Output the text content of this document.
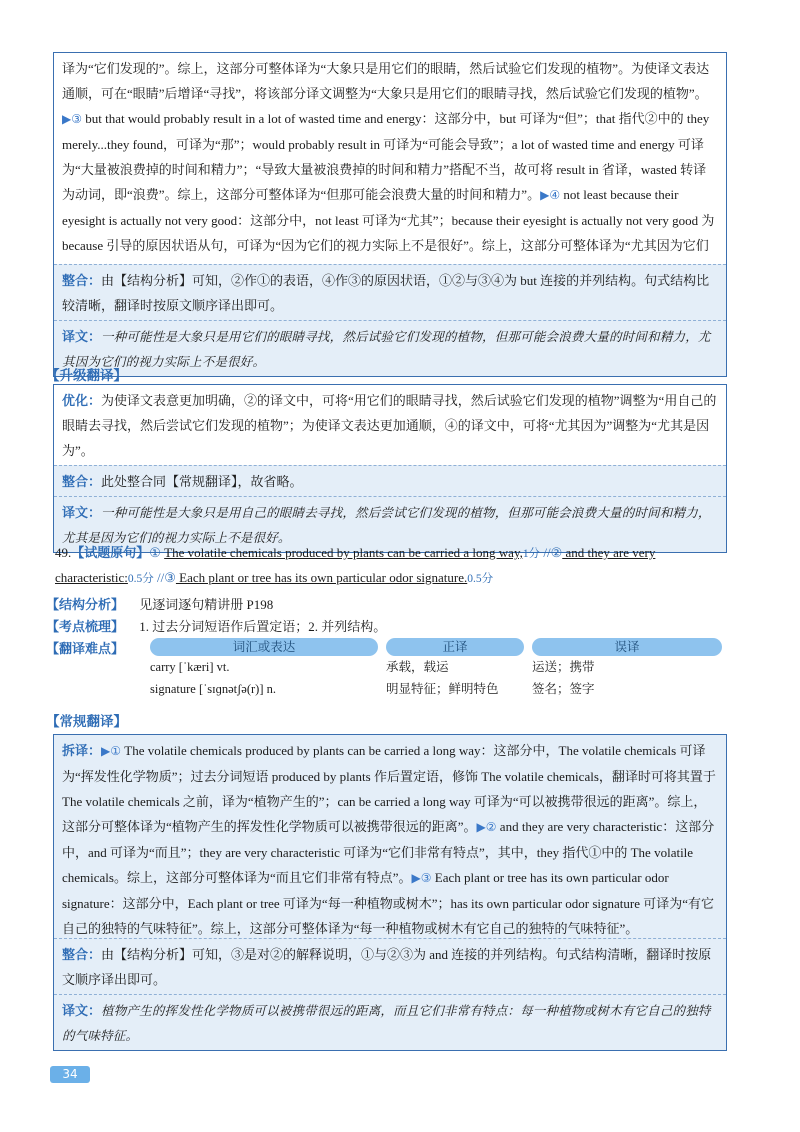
译为“它们发现的”。综上，这部分可整体译为“大象只是用它们的眼睛，然后试验它们发现的植物”。为使译文表达通顺，可在“眼睛”后增译“寻找”，将该部分译文调整为“大象只是用它们的眼睛寻找，然后试验它们发现的植物”。▶③ but that would probably result in a lot of wasted time and energy：这部分中，but 可译为“但”；that 指代②中的 they merely...they found，可译为“那”；would probably result in 可译为“可能会导致”；a lot of wasted time and energy 可译为“大量被浪费掉的时间和精力”；“导致大量被浪费掉的时间和精力”搭配不当，故可将 result in 省译，wasted 转译为动词，即“浪费”。综上，这部分可整体译为“但那可能会浪费大量的时间和精力”。▶④ not least because their eyesight is actually not very good：这部分中，not least 可译为“尤其”；because their eyesight is actually not very good 为 because 引导的原因状语从句，可译为“因为它们的视力实际上不是很好”。综上，这部分可整体译为“尤其因为它们
整合：由【结构分析】可知，②作①的表语，④作③的原因状语，①②与③④为 but 连接的并列结构。句式结构比较清晰，翻译时按原文顺序译出即可。
译文：一种可能性是大象只是用它们的眼睛寻找，然后试验它们发现的植物，但那可能会浪费大量的时间和精力，尤其因为它们的视力实际上不是很好。
【升级翻译】
优化：为使译文表意更加明确，②的译文中，可将“用它们的眼睛寻找，然后试验它们发现的植物”调整为“用自己的眼睛去寻找，然后尝试它们发现的植物”；为使译文表达更加通顺，④的译文中，可将“尤其因为”调整为“尤其是因为”。
整合：此处整合同【常规翻译】，故省略。
译文：一种可能性是大象只是用自己的眼睛去寻找，然后尝试它们发现的植物，但那可能会浪费大量的时间和精力，尤其是因为它们的视力实际上不是很好。
49.【试题原句】① The volatile chemicals produced by plants can be carried a long way,1分 //② and they are very characteristic:0.5分 //③ Each plant or tree has its own particular odor signature.0.5分
【结构分析】 见逐词逐句精讲册 P198
【考点梳理】 1. 过去分词短语作后置定语；2. 并列结构。
【翻译难点】	词汇或表达	正译	误译
carry [ˈkæri] vt.	承载，载运	运送；携带
signature [ˈsɪɡnətʃə(r)] n.	明显特征；鲜明特色	签名；签字
【常规翻译】
拆译：▶① The volatile chemicals produced by plants can be carried a long way：这部分中，The volatile chemicals 可译为“挥发性化学物质”；过去分词短语 produced by plants 作后置定语，修饰 The volatile chemicals，翻译时可将其置于 The volatile chemicals 之前，译为“植物产生的”；can be carried a long way 可译为“可以被携带很远的距离”。综上，这部分可整体译为“植物产生的挥发性化学物质可以被携带很远的距离”。▶② and they are very characteristic：这部分中，and 可译为“而且”；they are very characteristic 可译为“它们非常有特点”，其中，they 指代①中的 The volatile chemicals。综上，这部分可整体译为“而且它们非常有特点”。▶③ Each plant or tree has its own particular odor signature：这部分中，Each plant or tree 可译为“每一种植物或树木”；has its own particular odor signature 可译为“有它自己的独特的气味特征”。综上，这部分可整体译为“每一种植物或树木有它自己的独特的气味特征”。
整合：由【结构分析】可知，③是对②的解释说明，①与②③为 and 连接的并列结构。句式结构清晰，翻译时按原文顺序译出即可。
译文：植物产生的挥发性化学物质可以被携带很远的距离，而且它们非常有特点：每一种植物或树木有它自己的独特的气味特征。
34
